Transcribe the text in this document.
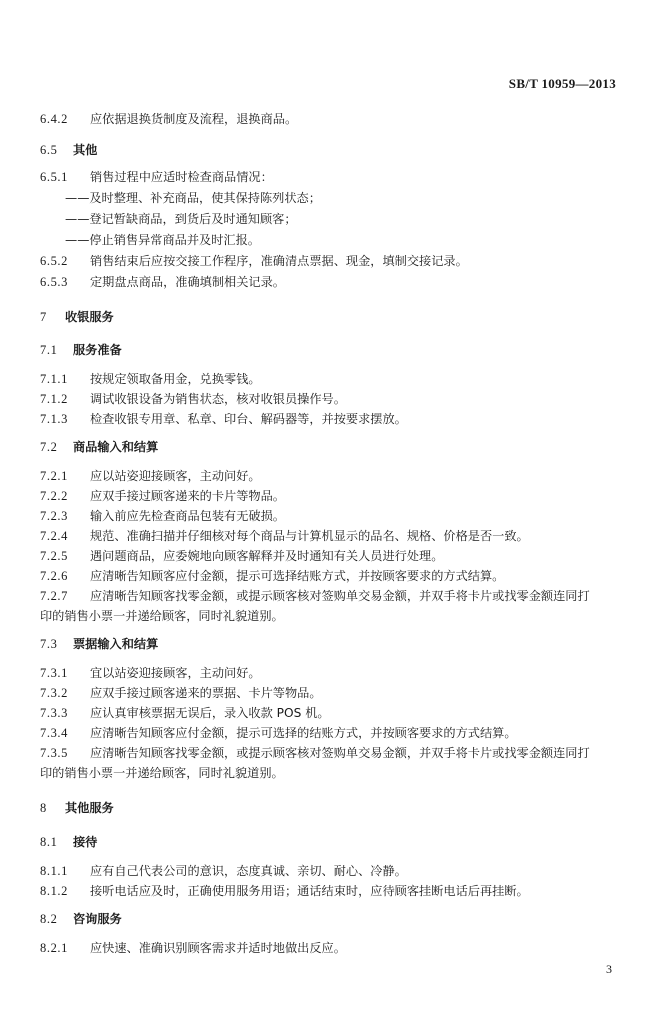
SB/T 10959—2013
6.4.2 应依据退换货制度及流程，退换商品。
6.5 其他
6.5.1 销售过程中应适时检查商品情况：
——及时整理、补充商品，使其保持陈列状态；
——登记暂缺商品，到货后及时通知顾客；
——停止销售异常商品并及时汇报。
6.5.2 销售结束后应按交接工作程序，准确清点票据、现金，填制交接记录。
6.5.3 定期盘点商品，准确填制相关记录。
7 收银服务
7.1 服务准备
7.1.1 按规定领取备用金，兑换零钱。
7.1.2 调试收银设备为销售状态，核对收银员操作号。
7.1.3 检查收银专用章、私章、印台、解码器等，并按要求摆放。
7.2 商品输入和结算
7.2.1 应以站姿迎接顾客，主动问好。
7.2.2 应双手接过顾客递来的卡片等物品。
7.2.3 输入前应先检查商品包装有无破损。
7.2.4 规范、准确扫描并仔细核对每个商品与计算机显示的品名、规格、价格是否一致。
7.2.5 遇问题商品，应委婉地向顾客解释并及时通知有关人员进行处理。
7.2.6 应清晰告知顾客应付金额，提示可选择结账方式，并按顾客要求的方式结算。
7.2.7 应清晰告知顾客找零金额，或提示顾客核对签购单交易金额，并双手将卡片或找零金额连同打
印的销售小票一并递给顾客，同时礼貌道别。
7.3 票据输入和结算
7.3.1 宜以站姿迎接顾客，主动问好。
7.3.2 应双手接过顾客递来的票据、卡片等物品。
7.3.3 应认真审核票据无误后，录入收款 POS 机。
7.3.4 应清晰告知顾客应付金额，提示可选择的结账方式，并按顾客要求的方式结算。
7.3.5 应清晰告知顾客找零金额，或提示顾客核对签购单交易金额，并双手将卡片或找零金额连同打
印的销售小票一并递给顾客，同时礼貌道别。
8 其他服务
8.1 接待
8.1.1 应有自己代表公司的意识，态度真诚、亲切、耐心、冷静。
8.1.2 接听电话应及时，正确使用服务用语；通话结束时，应待顾客挂断电话后再挂断。
8.2 咨询服务
8.2.1 应快速、准确识别顾客需求并适时地做出反应。
3
